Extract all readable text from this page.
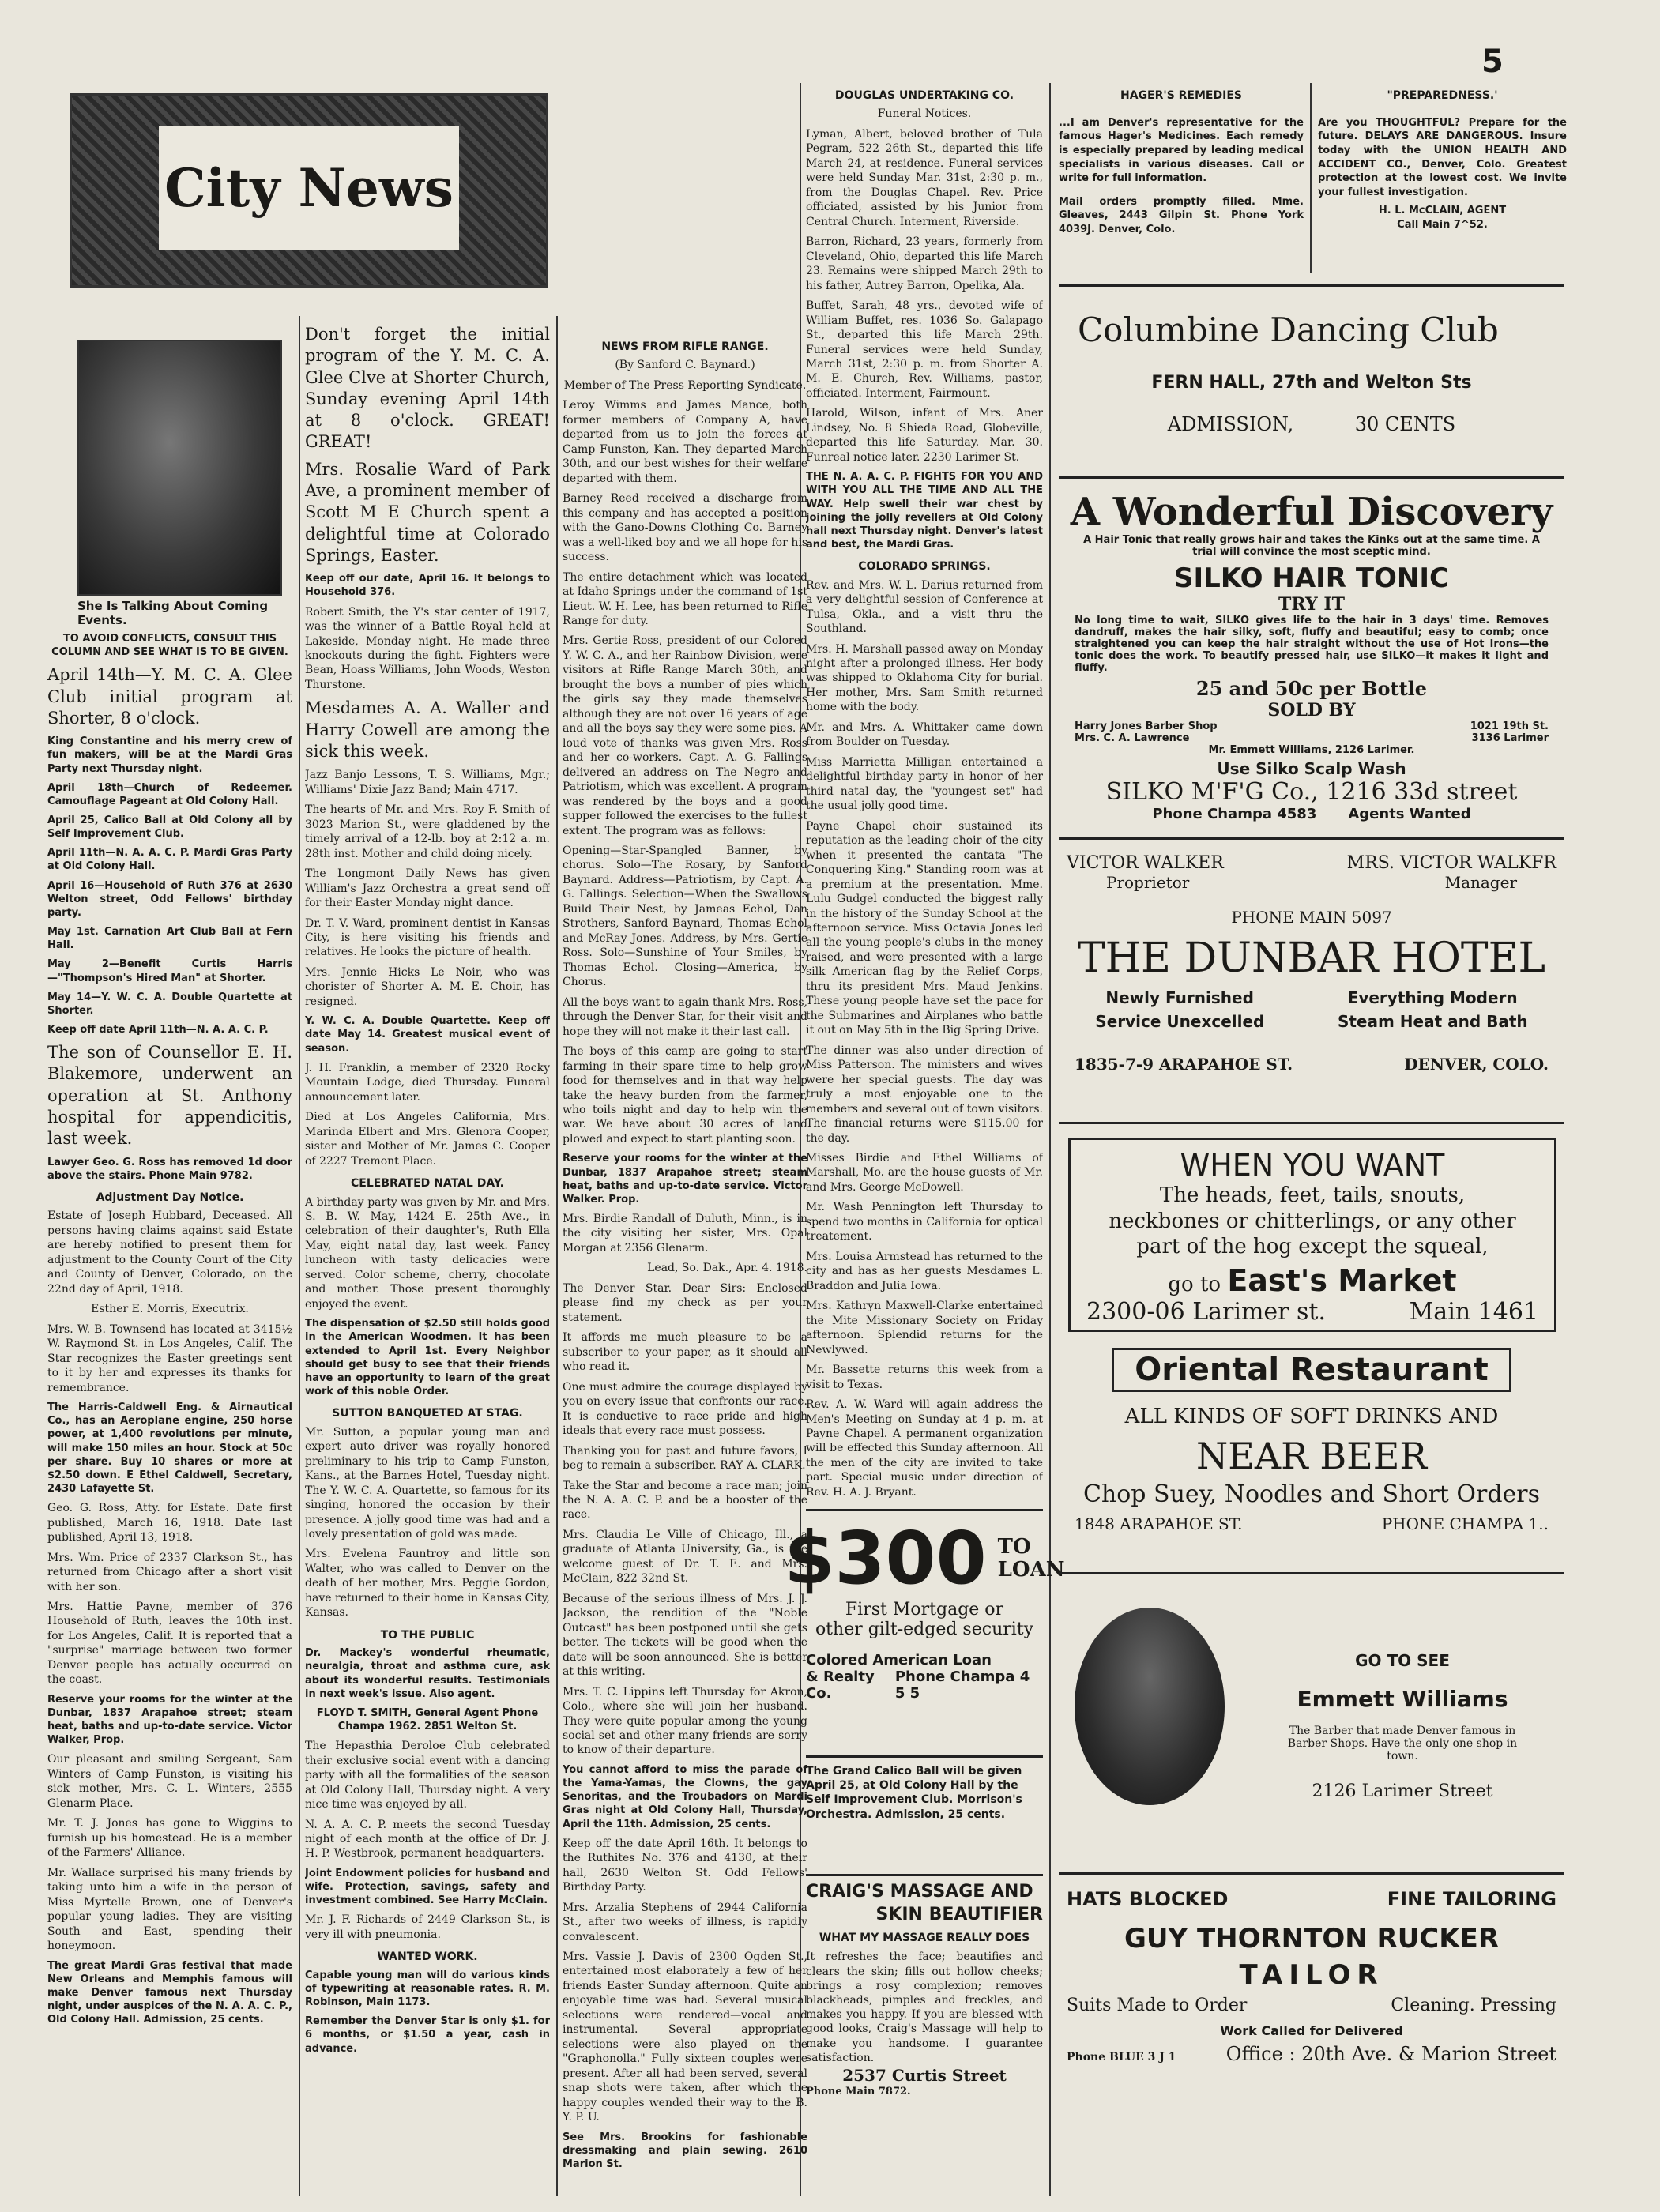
5
City News
She Is Talking About Coming Events.

TO AVOID CONFLICTS, CONSULT THIS COLUMN AND SEE WHAT IS TO BE GIVEN.

April 14th—Y. M. C. A. Glee Club initial program at Shorter, 8 o'clock.

King Constantine and his merry crew of fun makers, will be at the Mardi Gras Party next Thursday night.

April 18th—Church of Redeemer. Camouflage Pageant at Old Colony Hall.

April 25, Calico Ball at Old Colony all by Self Improvement Club.

April 11th—N. A. A. C. P. Mardi Gras Party at Old Colony Hall.

April 16—Household of Ruth 376 at 2630 Welton street, Odd Fellows' birthday party.

May 1st. Carnation Art Club Ball at Fern Hall.

May 2—Benefit Curtis Harris—"Thompson's Hired Man" at Shorter.

May 14—Y. W. C. A. Double Quartette at Shorter.

Keep off date April 11th—N. A. A. C. P.

The son of Counsellor E. H. Blakemore, underwent an operation at St. Anthony hospital for appendicitis, last week.

Lawyer Geo. G. Ross has removed 1d door above the stairs. Phone Main 9782.

Adjustment Day Notice.

Estate of Joseph Hubbard, Deceased. All persons having claims against said Estate are hereby notified to present them for adjustment to the County Court of the City and County of Denver, Colorado, on the 22nd day of April, 1918.

Esther E. Morris, Executrix.

Mrs. W. B. Townsend has located at 3415½ W. Raymond St. in Los Angeles, Calif. The Star recognizes the Easter greetings sent to it by her and expresses its thanks for remembrance.

The Harris-Caldwell Eng. & Airnautical Co., has an Aeroplane engine, 250 horse power, at 1,400 revolutions per minute, will make 150 miles an hour. Stock at 50c per share. Buy 10 shares or more at $2.50 down. E Ethel Caldwell, Secretary, 2430 Lafayette St.

Geo. G. Ross, Atty. for Estate. Date first published, March 16, 1918. Date last published, April 13, 1918.

Mrs. Wm. Price of 2337 Clarkson St., has returned from Chicago after a short visit with her son.

Mrs. Hattie Payne, member of 376 Household of Ruth, leaves the 10th inst. for Los Angeles, Calif. It is reported that a "surprise" marriage between two former Denver people has actually occurred on the coast.

Reserve your rooms for the winter at the Dunbar, 1837 Arapahoe street; steam heat, baths and up-to-date service. Victor Walker, Prop.

Our pleasant and smiling Sergeant, Sam Winters of Camp Funston, is visiting his sick mother, Mrs. C. L. Winters, 2555 Glenarm Place.

Mr. T. J. Jones has gone to Wiggins to furnish up his homestead. He is a member of the Farmers' Alliance.

Mr. Wallace surprised his many friends by taking unto him a wife in the person of Miss Myrtelle Brown, one of Denver's popular young ladies. They are visiting South and East, spending their honeymoon.

The great Mardi Gras festival that made New Orleans and Memphis famous will make Denver famous next Thursday night, under auspices of the N. A. A. C. P., Old Colony Hall. Admission, 25 cents.

Don't forget the initial program of the Y. M. C. A. Glee Clve at Shorter Church, Sunday evening April 14th at 8 o'clock. GREAT! GREAT!

Mrs. Rosalie Ward of Park Ave, a prominent member of Scott M E Church spent a delightful time at Colorado Springs, Easter.

Keep off our date, April 16. It belongs to Household 376.

Robert Smith, the Y's star center of 1917, was the winner of a Battle Royal held at Lakeside, Monday night. He made three knockouts during the fight. Fighters were Bean, Hoass Williams, John Woods, Weston Thurstone.

Mesdames A. A. Waller and Harry Cowell are among the sick this week.

Jazz Banjo Lessons, T. S. Williams, Mgr.; Williams' Dixie Jazz Band; Main 4717.

The hearts of Mr. and Mrs. Roy F. Smith of 3023 Marion St., were gladdened by the timely arrival of a 12-lb. boy at 2:12 a. m. 28th inst. Mother and child doing nicely.

The Longmont Daily News has given William's Jazz Orchestra a great send off for their Easter Monday night dance.

Dr. T. V. Ward, prominent dentist in Kansas City, is here visiting his friends and relatives. He looks the picture of health.

Mrs. Jennie Hicks Le Noir, who was chorister of Shorter A. M. E. Choir, has resigned.

Y. W. C. A. Double Quartette. Keep off date May 14. Greatest musical event of season.

J. H. Franklin, a member of 2320 Rocky Mountain Lodge, died Thursday. Funeral announcement later.

Died at Los Angeles California, Mrs. Marinda Elbert and Mrs. Glenora Cooper, sister and Mother of Mr. James C. Cooper of 2227 Tremont Place.

CELEBRATED NATAL DAY.

A birthday party was given by Mr. and Mrs. S. B. W. May, 1424 E. 25th Ave., in celebration of their daughter's, Ruth Ella May, eight natal day, last week. Fancy luncheon with tasty delicacies were served. Color scheme, cherry, chocolate and mother. Those present thoroughly enjoyed the event.

The dispensation of $2.50 still holds good in the American Woodmen. It has been extended to April 1st. Every Neighbor should get busy to see that their friends have an opportunity to learn of the great work of this noble Order.

SUTTON BANQUETED AT STAG.

Mr. Sutton, a popular young man and expert auto driver was royally honored preliminary to his trip to Camp Funston, Kans., at the Barnes Hotel, Tuesday night. The Y. W. C. A. Quartette, so famous for its singing, honored the occasion by their presence. A jolly good time was had and a lovely presentation of gold was made.

Mrs. Evelena Fauntroy and little son Walter, who was called to Denver on the death of her mother, Mrs. Peggie Gordon, have returned to their home in Kansas City, Kansas.

TO THE PUBLIC

Dr. Mackey's wonderful rheumatic, neuralgia, throat and asthma cure, ask about its wonderful results. Testimonials in next week's issue. Also agent.

FLOYD T. SMITH, General Agent Phone Champa 1962. 2851 Welton St.

The Hepasthia Deroloe Club celebrated their exclusive social event with a dancing party with all the formalities of the season at Old Colony Hall, Thursday night. A very nice time was enjoyed by all.

N. A. A. C. P. meets the second Tuesday night of each month at the office of Dr. J. H. P. Westbrook, permanent headquarters.

Joint Endowment policies for husband and wife. Protection, savings, safety and investment combined. See Harry McClain.

Mr. J. F. Richards of 2449 Clarkson St., is very ill with pneumonia.

WANTED WORK.

Capable young man will do various kinds of typewriting at reasonable rates. R. M. Robinson, Main 1173.

Remember the Denver Star is only $1. for 6 months, or $1.50 a year, cash in advance.

NEWS FROM RIFLE RANGE.

(By Sanford C. Baynard.)

Member of The Press Reporting Syndicate.

Leroy Wimms and James Mance, both former members of Company A, have departed from us to join the forces at Camp Funston, Kan. They departed March 30th, and our best wishes for their welfare departed with them.

Barney Reed received a discharge from this company and has accepted a position with the Gano-Downs Clothing Co. Barney was a well-liked boy and we all hope for his success.

The entire detachment which was located at Idaho Springs under the command of 1st Lieut. W. H. Lee, has been returned to Rifle Range for duty.

Mrs. Gertie Ross, president of our Colored Y. W. C. A., and her Rainbow Division, were visitors at Rifle Range March 30th, and brought the boys a number of pies which the girls say they made themselves although they are not over 16 years of age and all the boys say they were some pies. A loud vote of thanks was given Mrs. Ross and her co-workers. Capt. A. G. Fallings delivered an address on The Negro and Patriotism, which was excellent. A program was rendered by the boys and a good supper followed the exercises to the fullest extent. The program was as follows:

Opening—Star-Spangled Banner, by chorus. Solo—The Rosary, by Sanford Baynard. Address—Patriotism, by Capt. A. G. Fallings. Selection—When the Swallows Build Their Nest, by Jameas Echol, Dan Strothers, Sanford Baynard, Thomas Echol and McRay Jones. Address, by Mrs. Gertie Ross. Solo—Sunshine of Your Smiles, by Thomas Echol. Closing—America, by Chorus.

All the boys want to again thank Mrs. Ross, through the Denver Star, for their visit and hope they will not make it their last call.

The boys of this camp are going to start farming in their spare time to help grow food for themselves and in that way help take the heavy burden from the farmer, who toils night and day to help win the war. We have about 30 acres of land plowed and expect to start planting soon.

Reserve your rooms for the winter at the Dunbar, 1837 Arapahoe street; steam heat, baths and up-to-date service. Victor Walker. Prop.

Mrs. Birdie Randall of Duluth, Minn., is in the city visiting her sister, Mrs. Opal Morgan at 2356 Glenarm.

Lead, So. Dak., Apr. 4. 1918.

The Denver Star. Dear Sirs: Enclosed please find my check as per your statement.

It affords me much pleasure to be a subscriber to your paper, as it should all who read it.

One must admire the courage displayed by you on every issue that confronts our race. It is conductive to race pride and high ideals that every race must possess.

Thanking you for past and future favors, I beg to remain a subscriber. RAY A. CLARK.

Take the Star and become a race man; join the N. A. A. C. P. and be a booster of the race.

Mrs. Claudia Le Ville of Chicago, Ill., a graduate of Atlanta University, Ga., is the welcome guest of Dr. T. E. and Mrs. McClain, 822 32nd St.

Because of the serious illness of Mrs. J. J. Jackson, the rendition of the "Noble Outcast" has been postponed until she gets better. The tickets will be good when the date will be soon announced. She is better at this writing.

Mrs. T. C. Lippins left Thursday for Akron, Colo., where she will join her husband. They were quite popular among the young social set and other many friends are sorry to know of their departure.

You cannot afford to miss the parade of the Yama-Yamas, the Clowns, the gay Senoritas, and the Troubadors on Mardi Gras night at Old Colony Hall, Thursday, April the 11th. Admission, 25 cents.

Keep off the date April 16th. It belongs to the Ruthites No. 376 and 4130, at their hall, 2630 Welton St. Odd Fellows' Birthday Party.

Mrs. Arzalia Stephens of 2944 California St., after two weeks of illness, is rapidly convalescent.

Mrs. Vassie J. Davis of 2300 Ogden St., entertained most elaborately a few of her friends Easter Sunday afternoon. Quite an enjoyable time was had. Several musical selections were rendered—vocal and instrumental. Several appropriate selections were also played on the "Graphonolla." Fully sixteen couples were present. After all had been served, several snap shots were taken, after which the happy couples wended their way to the B. Y. P. U.

See Mrs. Brookins for fashionable dressmaking and plain sewing. 2610 Marion St.

DOUGLAS UNDERTAKING CO.

Funeral Notices.

Lyman, Albert, beloved brother of Tula Pegram, 522 26th St., departed this life March 24, at residence. Funeral services were held Sunday Mar. 31st, 2:30 p. m., from the Douglas Chapel. Rev. Price officiated, assisted by his Junior from Central Church. Interment, Riverside.

Barron, Richard, 23 years, formerly from Cleveland, Ohio, departed this life March 23. Remains were shipped March 29th to his father, Autrey Barron, Opelika, Ala.

Buffet, Sarah, 48 yrs., devoted wife of William Buffet, res. 1036 So. Galapago St., departed this life March 29th. Funeral services were held Sunday, March 31st, 2:30 p. m. from Shorter A. M. E. Church, Rev. Williams, pastor, officiated. Interment, Fairmount.

Harold, Wilson, infant of Mrs. Aner Lindsey, No. 8 Shieda Road, Globeville, departed this life Saturday. Mar. 30. Funreal notice later. 2230 Larimer St.

THE N. A. A. C. P. FIGHTS FOR YOU AND WITH YOU ALL THE TIME AND ALL THE WAY. Help swell their war chest by joining the jolly revellers at Old Colony hall next Thursday night. Denver's latest and best, the Mardi Gras.

COLORADO SPRINGS.

Rev. and Mrs. W. L. Darius returned from a very delightful session of Conference at Tulsa, Okla., and a visit thru the Southland.

Mrs. H. Marshall passed away on Monday night after a prolonged illness. Her body was shipped to Oklahoma City for burial. Her mother, Mrs. Sam Smith returned home with the body.

Mr. and Mrs. A. Whittaker came down from Boulder on Tuesday.

Miss Marrietta Milligan entertained a delightful birthday party in honor of her third natal day, the "youngest set" had the usual jolly good time.

Payne Chapel choir sustained its reputation as the leading choir of the city when it presented the cantata "The Conquering King." Standing room was at a premium at the presentation. Mme. Lulu Gudgel conducted the biggest rally in the history of the Sunday School at the afternoon service. Miss Octavia Jones led all the young people's clubs in the money raised, and were presented with a large silk American flag by the Relief Corps, thru its president Mrs. Maud Jenkins. These young people have set the pace for the Submarines and Airplanes who battle it out on May 5th in the Big Spring Drive.

The dinner was also under direction of Miss Patterson. The ministers and wives were her special guests. The day was truly a most enjoyable one to the members and several out of town visitors. The financial returns were $115.00 for the day.

Misses Birdie and Ethel Williams of Marshall, Mo. are the house guests of Mr. and Mrs. George McDowell.

Mr. Wash Pennington left Thursday to spend two months in California for optical treatement.

Mrs. Louisa Armstead has returned to the city and has as her guests Mesdames L. Braddon and Julia Iowa.

Mrs. Kathryn Maxwell-Clarke entertained the Mite Missionary Society on Friday afternoon. Splendid returns for the Newlywed.

Mr. Bassette returns this week from a visit to Texas.

Rev. A. W. Ward will again address the Men's Meeting on Sunday at 4 p. m. at Payne Chapel. A permanent organization will be effected this Sunday afternoon. All the men of the city are invited to take part. Special music under direction of Rev. H. A. J. Bryant.

$300 TO
LOAN
First Mortgage or
other gilt-edged security
Colored American Loan
& Realty Co.
Phone Champa 4 5 5
The Grand Calico Ball will be given April 25, at Old Colony Hall by the Self Improvement Club. Morrison's Orchestra. Admission, 25 cents.
CRAIG'S MASSAGE AND
SKIN BEAUTIFIER
WHAT MY MASSAGE REALLY DOES
It refreshes the face; beautifies and clears the skin; fills out hollow cheeks; brings a rosy complexion; removes blackheads, pimples and freckles, and makes you happy. If you are blessed with good looks, Craig's Massage will help to make you handsome. I guarantee satisfaction.
2537 Curtis Street
Phone Main 7872.
HAGER'S REMEDIES
...I am Denver's representative for the famous Hager's Medicines. Each remedy is especially prepared by leading medical specialists in various diseases. Call or write for full information.
Mail orders promptly filled. Mme. Gleaves, 2443 Gilpin St. Phone York 4039J. Denver, Colo.
"PREPAREDNESS.'
Are you THOUGHTFUL? Prepare for the future. DELAYS ARE DANGEROUS. Insure today with the UNION HEALTH AND ACCIDENT CO., Denver, Colo. Greatest protection at the lowest cost. We invite your fullest investigation.
H. L. McCLAIN, AGENT
Call Main 7^52.
Columbine Dancing Club
FERN HALL, 27th and Welton Sts
ADMISSION,	30 CENTS
A Wonderful Discovery
A Hair Tonic that really grows hair and takes the Kinks out at the same time. A trial will convince the most sceptic mind.
SILKO HAIR TONIC
TRY IT
No long time to wait, SILKO gives life to the hair in 3 days' time. Removes dandruff, makes the hair silky, soft, fluffy and beautiful; easy to comb; once straightened you can keep the hair straight without the use of Hot Irons—the tonic does the work. To beautify pressed hair, use SILKO—it makes it light and fluffy.
25 and 50c per Bottle
SOLD BY
Harry Jones Barber Shop	1021 19th St.
Mrs. C. A. Lawrence	3136 Larimer
Mr. Emmett Williams, 2126 Larimer.
Use Silko Scalp Wash
SILKO M'F'G Co., 1216 33d street
Phone Champa 4583 Agents Wanted
VICTOR WALKER	MRS. VICTOR WALKFR
Proprietor	Manager
PHONE MAIN 5097
THE DUNBAR HOTEL
Newly Furnished	Everything Modern
Service Unexcelled	Steam Heat and Bath
1835-7-9 ARAPAHOE ST.	DENVER, COLO.
WHEN YOU WANT
The heads, feet, tails, snouts, neckbones or chitterlings, or any other part of the hog except the squeal,
go to East's Market
2300-06 Larimer st.	Main 1461
Oriental Restaurant
ALL KINDS OF SOFT DRINKS AND
NEAR BEER
Chop Suey, Noodles and Short Orders
1848 ARAPAHOE ST.	PHONE CHAMPA 1..
GO TO SEE
Emmett Williams
The Barber that made Denver famous in Barber Shops. Have the only one shop in town.
2126 Larimer Street
HATS BLOCKED	FINE TAILORING
GUY THORNTON RUCKER
TAILOR
Suits Made to Order	Cleaning. Pressing
Work Called for Delivered
Phone BLUE 3 J 1	Office : 20th Ave. & Marion Street
